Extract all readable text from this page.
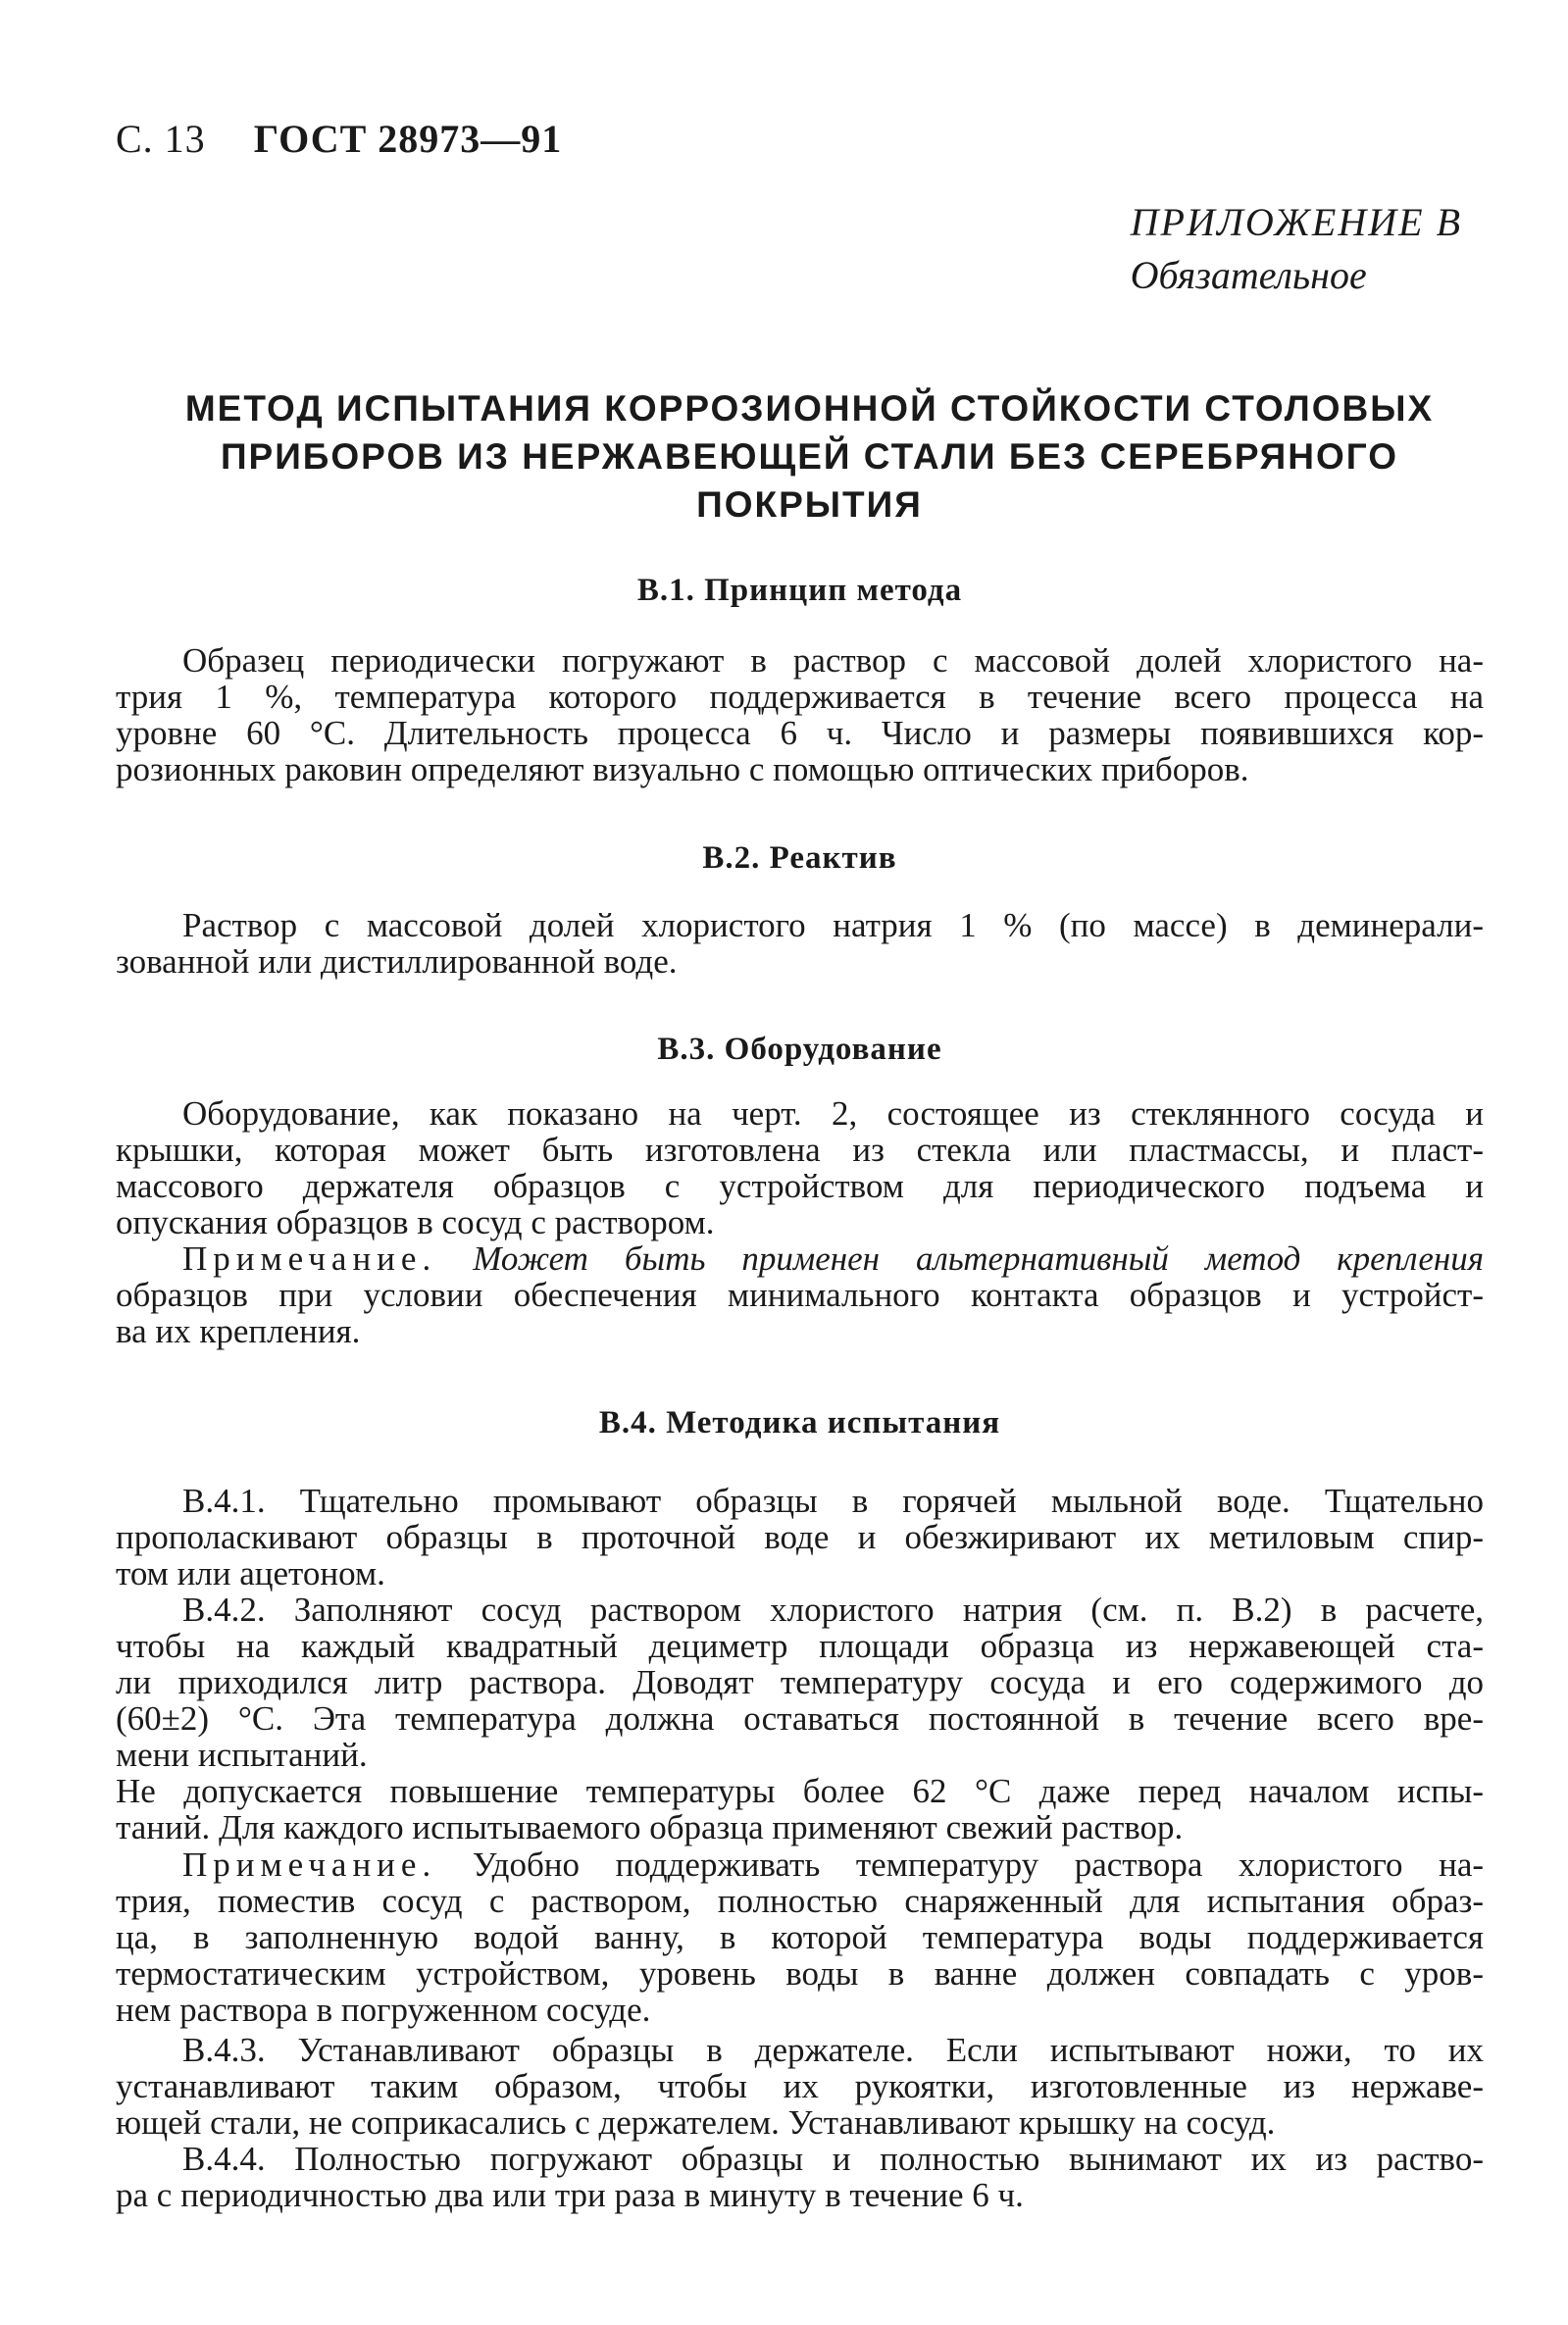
С. 13 ГОСТ 28973—91
ПРИЛОЖЕНИЕ В
Обязательное
МЕТОД ИСПЫТАНИЯ КОРРОЗИОННОЙ СТОЙКОСТИ СТОЛОВЫХ
ПРИБОРОВ ИЗ НЕРЖАВЕЮЩЕЙ СТАЛИ БЕЗ СЕРЕБРЯНОГО
ПОКРЫТИЯ
В.1. Принцип метода
Образец периодически погружают в раствор с массовой долей хлористого на-
трия 1 %, температура которого поддерживается в течение всего процесса на
уровне 60 °С. Длительность процесса 6 ч. Число и размеры появившихся кор-
розионных раковин определяют визуально с помощью оптических приборов.
В.2. Реактив
Раствор с массовой долей хлористого натрия 1 % (по массе) в деминерали-
зованной или дистиллированной воде.
В.3. Оборудование
Оборудование, как показано на черт. 2, состоящее из стеклянного сосуда и
крышки, которая может быть изготовлена из стекла или пластмассы, и пласт-
массового держателя образцов с устройством для периодического подъема и
опускания образцов в сосуд с раствором.
Примечание. Может быть применен альтернативный метод крепления
образцов при условии обеспечения минимального контакта образцов и устройст-
ва их крепления.
В.4. Методика испытания
В.4.1. Тщательно промывают образцы в горячей мыльной воде. Тщательно
прополаскивают образцы в проточной воде и обезжиривают их метиловым спир-
том или ацетоном.
В.4.2. Заполняют сосуд раствором хлористого натрия (см. п. В.2) в расчете,
чтобы на каждый квадратный дециметр площади образца из нержавеющей ста-
ли приходился литр раствора. Доводят температуру сосуда и его содержимого до
(60±2) °С. Эта температура должна оставаться постоянной в течение всего вре-
мени испытаний.
Не допускается повышение температуры более 62 °С даже перед началом испы-
таний. Для каждого испытываемого образца применяют свежий раствор.
Примечание. Удобно поддерживать температуру раствора хлористого на-
трия, поместив сосуд с раствором, полностью снаряженный для испытания образ-
ца, в заполненную водой ванну, в которой температура воды поддерживается
термостатическим устройством, уровень воды в ванне должен совпадать с уров-
нем раствора в погруженном сосуде.
В.4.3. Устанавливают образцы в держателе. Если испытывают ножи, то их
устанавливают таким образом, чтобы их рукоятки, изготовленные из нержаве-
ющей стали, не соприкасались с держателем. Устанавливают крышку на сосуд.
В.4.4. Полностью погружают образцы и полностью вынимают их из раство-
ра с периодичностью два или три раза в минуту в течение 6 ч.
